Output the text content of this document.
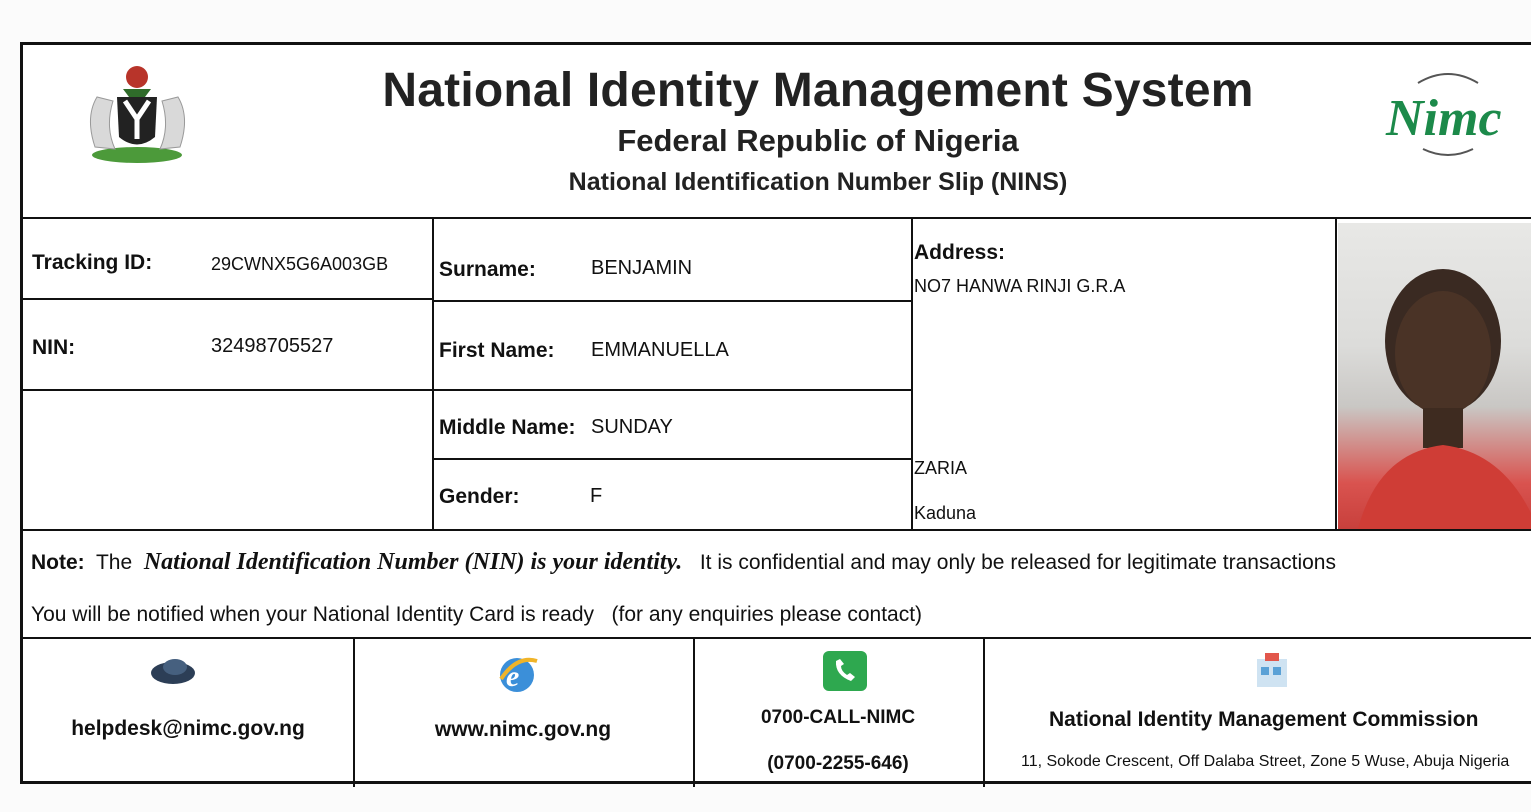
Nimc
National Identity Management System
Federal Republic of Nigeria
National Identification Number Slip (NINS)
Tracking ID:	29CWNX5G6A003GB
NIN:	32498705527
Surname:	BENJAMIN
First Name: EMMANUELLA
Middle Name: SUNDAY
Gender:	F
Address:
NO7 HANWA RINJI G.R.A
ZARIA
Kaduna
Note: The National Identification Number (NIN) is your identity. It is confidential and may only be released for legitimate transactions
You will be notified when your National Identity Card is ready   (for any enquiries please contact)
e
helpdesk@nimc.gov.ng	www.nimc.gov.ng
0700-CALL-NIMC
(0700-2255-646)
National Identity Management Commission
11, Sokode Crescent, Off Dalaba Street, Zone 5 Wuse, Abuja Nigeria
